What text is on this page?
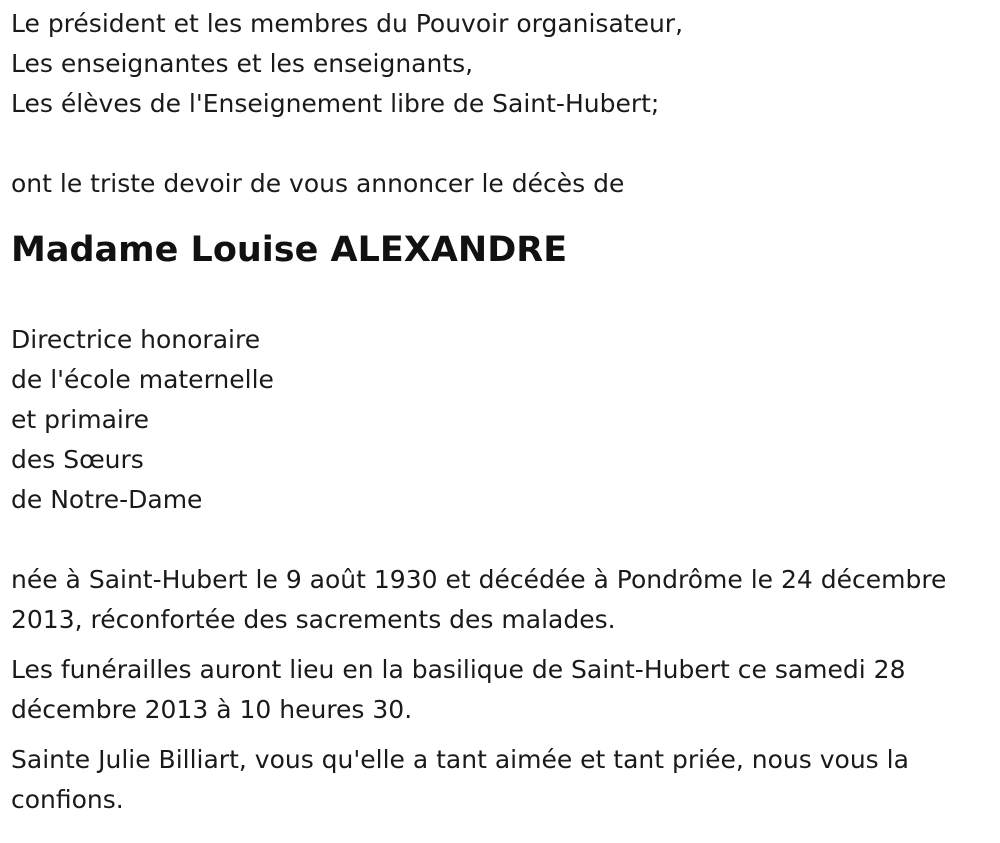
Le président et les membres du Pouvoir organisateur,

Les enseignantes et les enseignants,

Les élèves de l'Enseignement libre de Saint-Hubert;

ont le triste devoir de vous annoncer le décès de

Madame Louise ALEXANDRE

Directrice honoraire

de l'école maternelle

et primaire

des Sœurs

de Notre-Dame

née à Saint-Hubert le 9 août 1930 et décédée à Pondrôme le 24 décembre 2013, réconfortée des sacrements des malades.

Les funérailles auront lieu en la basilique de Saint-Hubert ce samedi 28 décembre 2013 à 10 heures 30.

Sainte Julie Billiart, vous qu'elle a tant aimée et tant priée, nous vous la confions.
